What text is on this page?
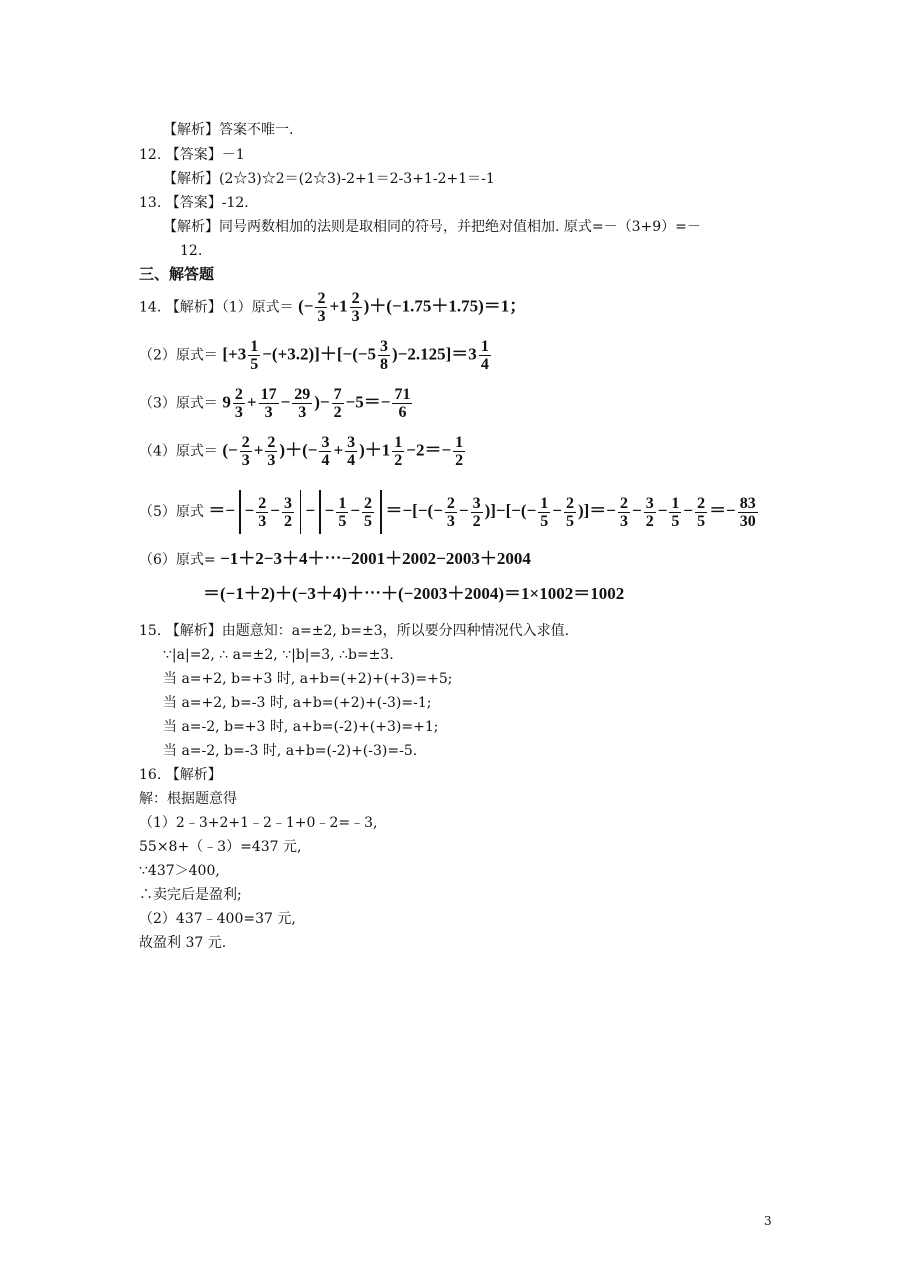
【解析】答案不唯一.
12. 【答案】－1
【解析】(2☆3)☆2＝(2☆3)-2+1＝2-3+1-2+1＝-1
13. 【答案】-12.
【解析】同号两数相加的法则是取相同的符号，并把绝对值相加. 原式=－（3+9）=－
12.
三、解答题
14. 【解析】（1）原式＝ (− $\frac{2}{3} +1 \frac{2}{3} )+(-1.75+1.75)=1$；
（2）原式＝ $[+3 \frac{1}{5} -(+3.2)]+[-(-5 \frac{3}{8} )-2.125]=3 \frac{1}{4}$
（3）原式＝ $9 \frac{2}{3} + \frac{17}{3} - \frac{29}{3}$ )− $\frac{7}{2} -5=- \frac{71}{6}$
（4）原式＝ (− $\frac{2}{3} + \frac{2}{3}$ )＋(− $\frac{3}{4} + \frac{3}{4} )+1 \frac{1}{2} -2=- \frac{1}{2}$
（5）原式 ＝− − $\frac{2}{3} - \frac{3}{2}$ − − $\frac{1}{5} - \frac{2}{5}$ ＝−[−(− $\frac{2}{3} - \frac{3}{2}$ )]−[−(− $\frac{1}{5} - \frac{2}{5}$ )]＝− $\frac{2}{3} - \frac{3}{2} - \frac{1}{5} - \frac{2}{5} =- \frac{83}{30}$
（6）原式= −1＋2−3＋4＋⋯−2001＋2002−2003＋2004
＝(−1＋2)＋(−3＋4)＋⋯＋(−2003＋2004)＝1×1002＝1002
15. 【解析】由题意知：a=±2, b=±3，所以要分四种情况代入求值.
∵|a|=2, ∴ a=±2, ∵|b|=3, ∴b=±3.
当 a=+2, b=+3 时, a+b=(+2)+(+3)=+5;
当 a=+2, b=-3 时, a+b=(+2)+(-3)=-1;
当 a=-2, b=+3 时, a+b=(-2)+(+3)=+1;
当 a=-2, b=-3 时, a+b=(-2)+(-3)=-5.
16. 【解析】
解：根据题意得
（1）2﹣3+2+1﹣2﹣1+0﹣2=﹣3,
55×8+（﹣3）=437 元,
∵437＞400,
∴卖完后是盈利;
（2）437﹣400=37 元,
故盈利 37 元.
3
